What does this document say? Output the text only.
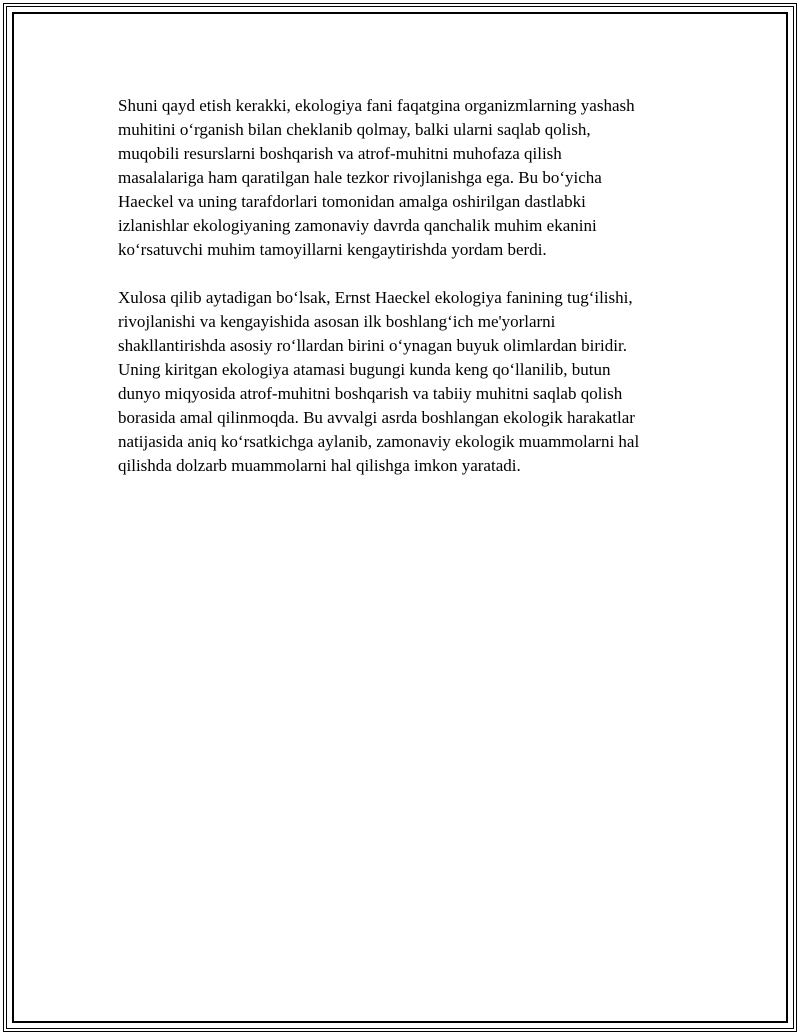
Shuni qayd etish kerakki, ekologiya fani faqatgina organizmlarning yashash
muhitini o‘rganish bilan cheklanib qolmay, balki ularni saqlab qolish,
muqobili resurslarni boshqarish va atrof-muhitni muhofaza qilish
masalalariga ham qaratilgan hale tezkor rivojlanishga ega. Bu bo‘yicha
Haeckel va uning tarafdorlari tomonidan amalga oshirilgan dastlabki
izlanishlar ekologiyaning zamonaviy davrda qanchalik muhim ekanini
ko‘rsatuvchi muhim tamoyillarni kengaytirishda yordam berdi.

Xulosa qilib aytadigan bo‘lsak, Ernst Haeckel ekologiya fanining tug‘ilishi,
rivojlanishi va kengayishida asosan ilk boshlang‘ich me'yorlarni
shakllantirishda asosiy ro‘llardan birini o‘ynagan buyuk olimlardan biridir.
Uning kiritgan ekologiya atamasi bugungi kunda keng qo‘llanilib, butun
dunyo miqyosida atrof-muhitni boshqarish va tabiiy muhitni saqlab qolish
borasida amal qilinmoqda. Bu avvalgi asrda boshlangan ekologik harakatlar
natijasida aniq ko‘rsatkichga aylanib, zamonaviy ekologik muammolarni hal
qilishda dolzarb muammolarni hal qilishga imkon yaratadi.
